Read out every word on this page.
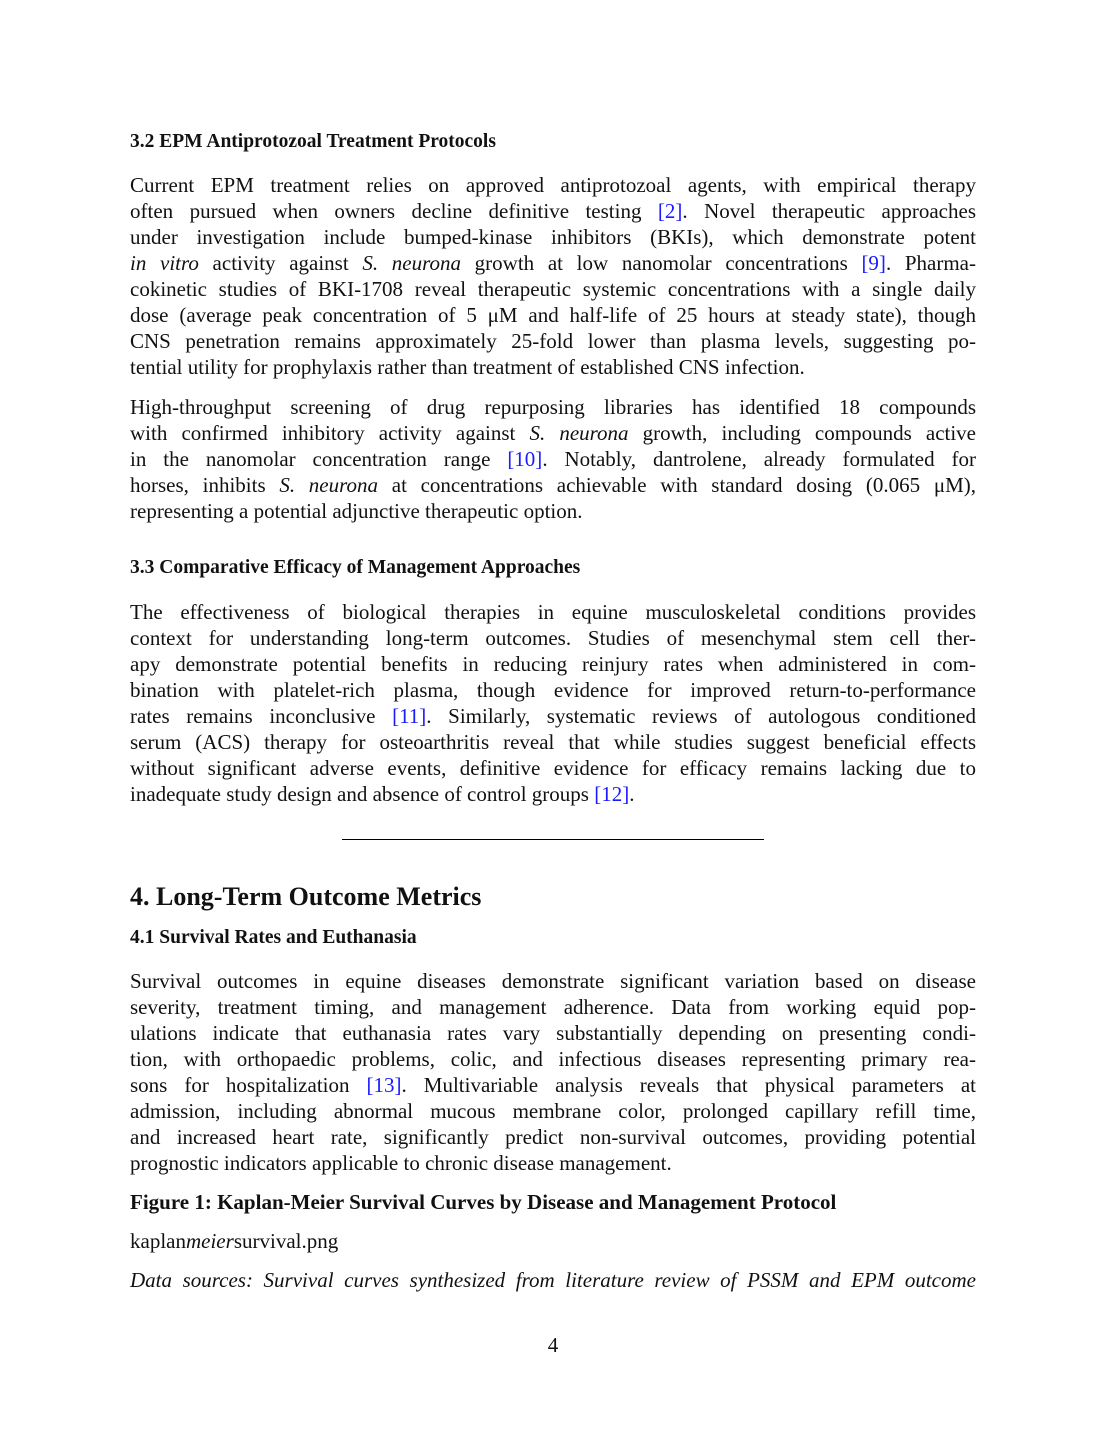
3.2 EPM Antiprotozoal Treatment Protocols
Current EPM treatment relies on approved antiprotozoal agents, with empirical therapy
often pursued when owners decline definitive testing [2]. Novel therapeutic approaches
under investigation include bumped-kinase inhibitors (BKIs), which demonstrate potent
in vitro activity against S. neurona growth at low nanomolar concentrations [9]. Pharma-
cokinetic studies of BKI-1708 reveal therapeutic systemic concentrations with a single daily
dose (average peak concentration of 5 μM and half-life of 25 hours at steady state), though
CNS penetration remains approximately 25-fold lower than plasma levels, suggesting po-
tential utility for prophylaxis rather than treatment of established CNS infection.
High-throughput screening of drug repurposing libraries has identified 18 compounds
with confirmed inhibitory activity against S. neurona growth, including compounds active
in the nanomolar concentration range [10]. Notably, dantrolene, already formulated for
horses, inhibits S. neurona at concentrations achievable with standard dosing (0.065 μM),
representing a potential adjunctive therapeutic option.
3.3 Comparative Efficacy of Management Approaches
The effectiveness of biological therapies in equine musculoskeletal conditions provides
context for understanding long-term outcomes. Studies of mesenchymal stem cell ther-
apy demonstrate potential benefits in reducing reinjury rates when administered in com-
bination with platelet-rich plasma, though evidence for improved return-to-performance
rates remains inconclusive [11]. Similarly, systematic reviews of autologous conditioned
serum (ACS) therapy for osteoarthritis reveal that while studies suggest beneficial effects
without significant adverse events, definitive evidence for efficacy remains lacking due to
inadequate study design and absence of control groups [12].
4. Long-Term Outcome Metrics
4.1 Survival Rates and Euthanasia
Survival outcomes in equine diseases demonstrate significant variation based on disease
severity, treatment timing, and management adherence. Data from working equid pop-
ulations indicate that euthanasia rates vary substantially depending on presenting condi-
tion, with orthopaedic problems, colic, and infectious diseases representing primary rea-
sons for hospitalization [13]. Multivariable analysis reveals that physical parameters at
admission, including abnormal mucous membrane color, prolonged capillary refill time,
and increased heart rate, significantly predict non-survival outcomes, providing potential
prognostic indicators applicable to chronic disease management.
Figure 1: Kaplan-Meier Survival Curves by Disease and Management Protocol
kaplanmeiersurvival.png
Data sources: Survival curves synthesized from literature review of PSSM and EPM outcome
4
